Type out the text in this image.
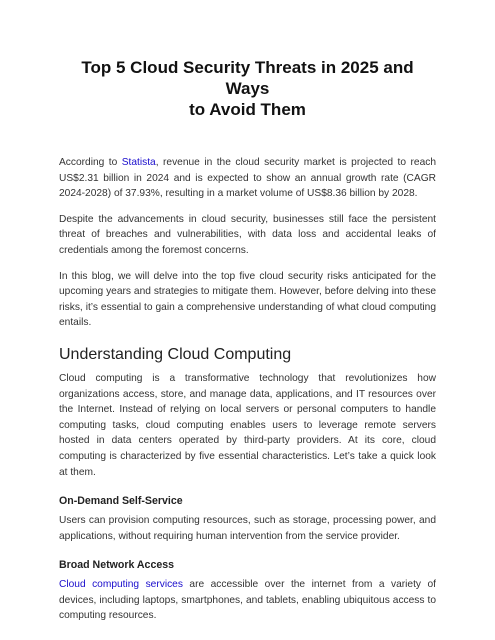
Top 5 Cloud Security Threats in 2025 and Ways
to Avoid Them

According to Statista, revenue in the cloud security market is projected to reach US$2.31 billion in 2024 and is expected to show an annual growth rate (CAGR 2024-2028) of 37.93%, resulting in a market volume of US$8.36 billion by 2028.

Despite the advancements in cloud security, businesses still face the persistent threat of breaches and vulnerabilities, with data loss and accidental leaks of credentials among the foremost concerns.

In this blog, we will delve into the top five cloud security risks anticipated for the upcoming years and strategies to mitigate them. However, before delving into these risks, it’s essential to gain a comprehensive understanding of what cloud computing entails.

Understanding Cloud Computing

Cloud computing is a transformative technology that revolutionizes how organizations access, store, and manage data, applications, and IT resources over the Internet. Instead of relying on local servers or personal computers to handle computing tasks, cloud computing enables users to leverage remote servers hosted in data centers operated by third-party providers. At its core, cloud computing is characterized by five essential characteristics. Let’s take a quick look at them.

On-Demand Self-Service

Users can provision computing resources, such as storage, processing power, and applications, without requiring human intervention from the service provider.

Broad Network Access

Cloud computing services are accessible over the internet from a variety of devices, including laptops, smartphones, and tablets, enabling ubiquitous access to computing resources.
